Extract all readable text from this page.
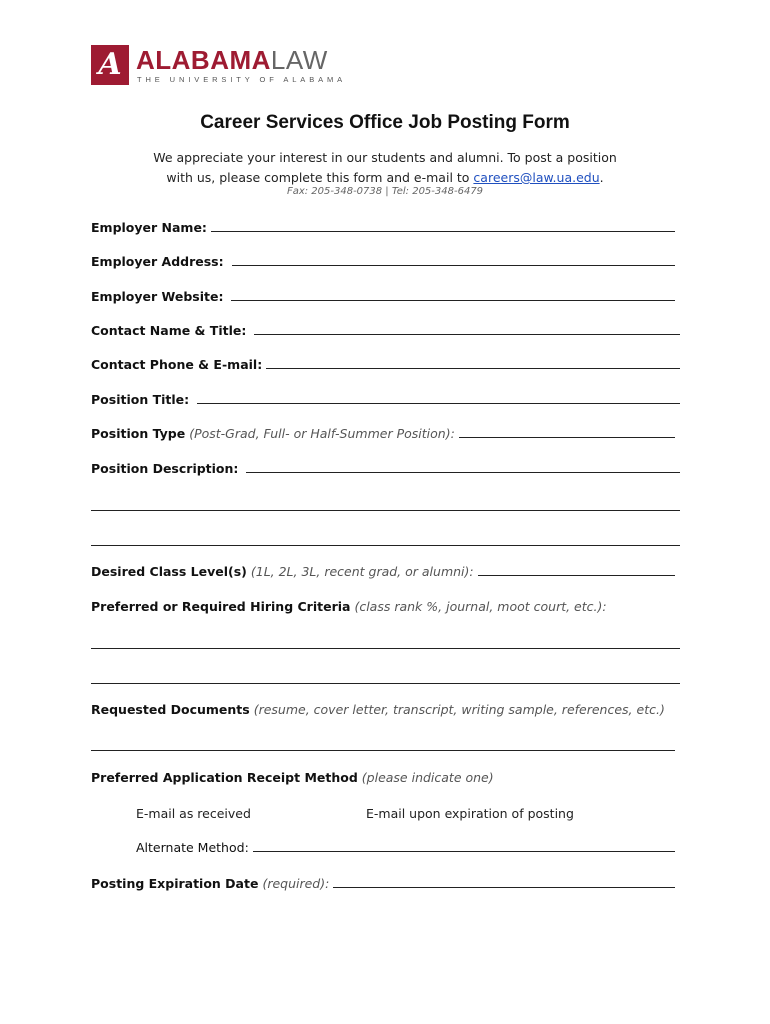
A ALABAMALAW
THE UNIVERSITY OF ALABAMA
Career Services Office Job Posting Form
We appreciate your interest in our students and alumni. To post a position
with us, please complete this form and e-mail to careers@law.ua.edu.
Fax: 205-348-0738 | Tel: 205-348-6479
Employer Name:
Employer Address:
Employer Website:
Contact Name & Title:
Contact Phone & E-mail:
Position Title:
Position Type
(Post-Grad, Full- or Half-Summer Position):
Position Description:
Desired Class Level(s)
(1L, 2L, 3L, recent grad, or alumni):
Preferred or Required Hiring Criteria
(class rank %, journal, moot court, etc.):
Requested Documents
(resume, cover letter, transcript, writing sample, references, etc.)
Preferred Application Receipt Method
(please indicate one)
E-mail as received	E-mail upon expiration of posting
Alternate Method:
Posting Expiration Date
(required):
